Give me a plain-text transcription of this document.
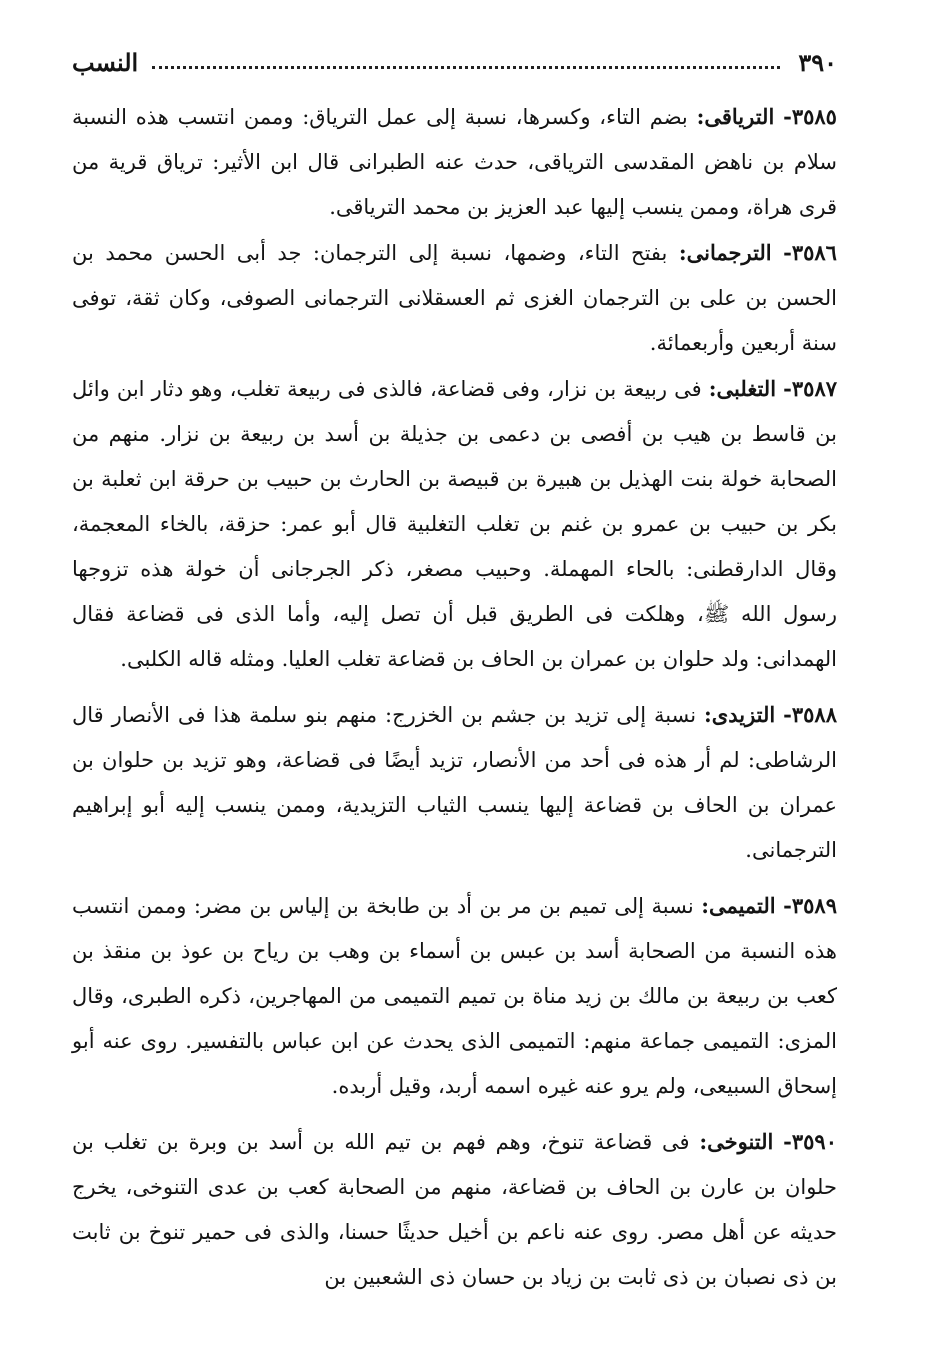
٣٩٠
النسب

٣٥٨٥- الترياقى: بضم التاء، وكسرها، نسبة إلى عمل الترياق: وممن انتسب هذه النسبة سلام بن ناهض المقدسى الترياقى، حدث عنه الطبرانى قال ابن الأثير: ترياق قرية من قرى هراة، وممن ينسب إليها عبد العزيز بن محمد الترياقى.

٣٥٨٦- الترجمانى: بفتح التاء، وضمها، نسبة إلى الترجمان: جد أبى الحسن محمد بن الحسن بن على بن الترجمان الغزى ثم العسقلانى الترجمانى الصوفى، وكان ثقة، توفى سنة أربعين وأربعمائة.

٣٥٨٧- التغلبى: فى ربيعة بن نزار، وفى قضاعة، فالذى فى ربيعة تغلب، وهو دثار ابن وائل بن قاسط بن هيب بن أفصى بن دعمى بن جذيلة بن أسد بن ربيعة بن نزار. منهم من الصحابة خولة بنت الهذيل بن هبيرة بن قبيصة بن الحارث بن حبيب بن حرقة ابن ثعلبة بن بكر بن حبيب بن عمرو بن غنم بن تغلب التغلبية قال أبو عمر: حزقة، بالخاء المعجمة، وقال الدارقطنى: بالحاء المهملة. وحبيب مصغر، ذكر الجرجانى أن خولة هذه تزوجها رسول الله ﷺ، وهلكت فى الطريق قبل أن تصل إليه، وأما الذى فى قضاعة فقال الهمدانى: ولد حلوان بن عمران بن الحاف بن قضاعة تغلب العليا. ومثله قاله الكلبى.

٣٥٨٨- التزيدى: نسبة إلى تزيد بن جشم بن الخزرج: منهم بنو سلمة هذا فى الأنصار قال الرشاطى: لم أر هذه فى أحد من الأنصار، تزيد أيضًا فى قضاعة، وهو تزيد بن حلوان بن عمران بن الحاف بن قضاعة إليها ينسب الثياب التزيدية، وممن ينسب إليه أبو إبراهيم الترجمانى.

٣٥٨٩- التميمى: نسبة إلى تميم بن مر بن أد بن طابخة بن إلياس بن مضر: وممن انتسب هذه النسبة من الصحابة أسد بن عبس بن أسماء بن وهب بن رياح بن عوذ بن منقذ بن كعب بن ربيعة بن مالك بن زيد مناة بن تميم التميمى من المهاجرين، ذكره الطبرى، وقال المزى: التميمى جماعة منهم: التميمى الذى يحدث عن ابن عباس بالتفسير. روى عنه أبو إسحاق السبيعى، ولم يرو عنه غيره اسمه أربد، وقيل أربده.

٣٥٩٠- التنوخى: فى قضاعة تنوخ، وهم فهم بن تيم الله بن أسد بن وبرة بن تغلب بن حلوان بن عارن بن الحاف بن قضاعة، منهم من الصحابة كعب بن عدى التنوخى، يخرج حديثه عن أهل مصر. روى عنه ناعم بن أخيل حديثًا حسنا، والذى فى حمير تنوخ بن ثابت بن ذى نصبان بن ذى ثابت بن زياد بن حسان ذى الشعبين بن
